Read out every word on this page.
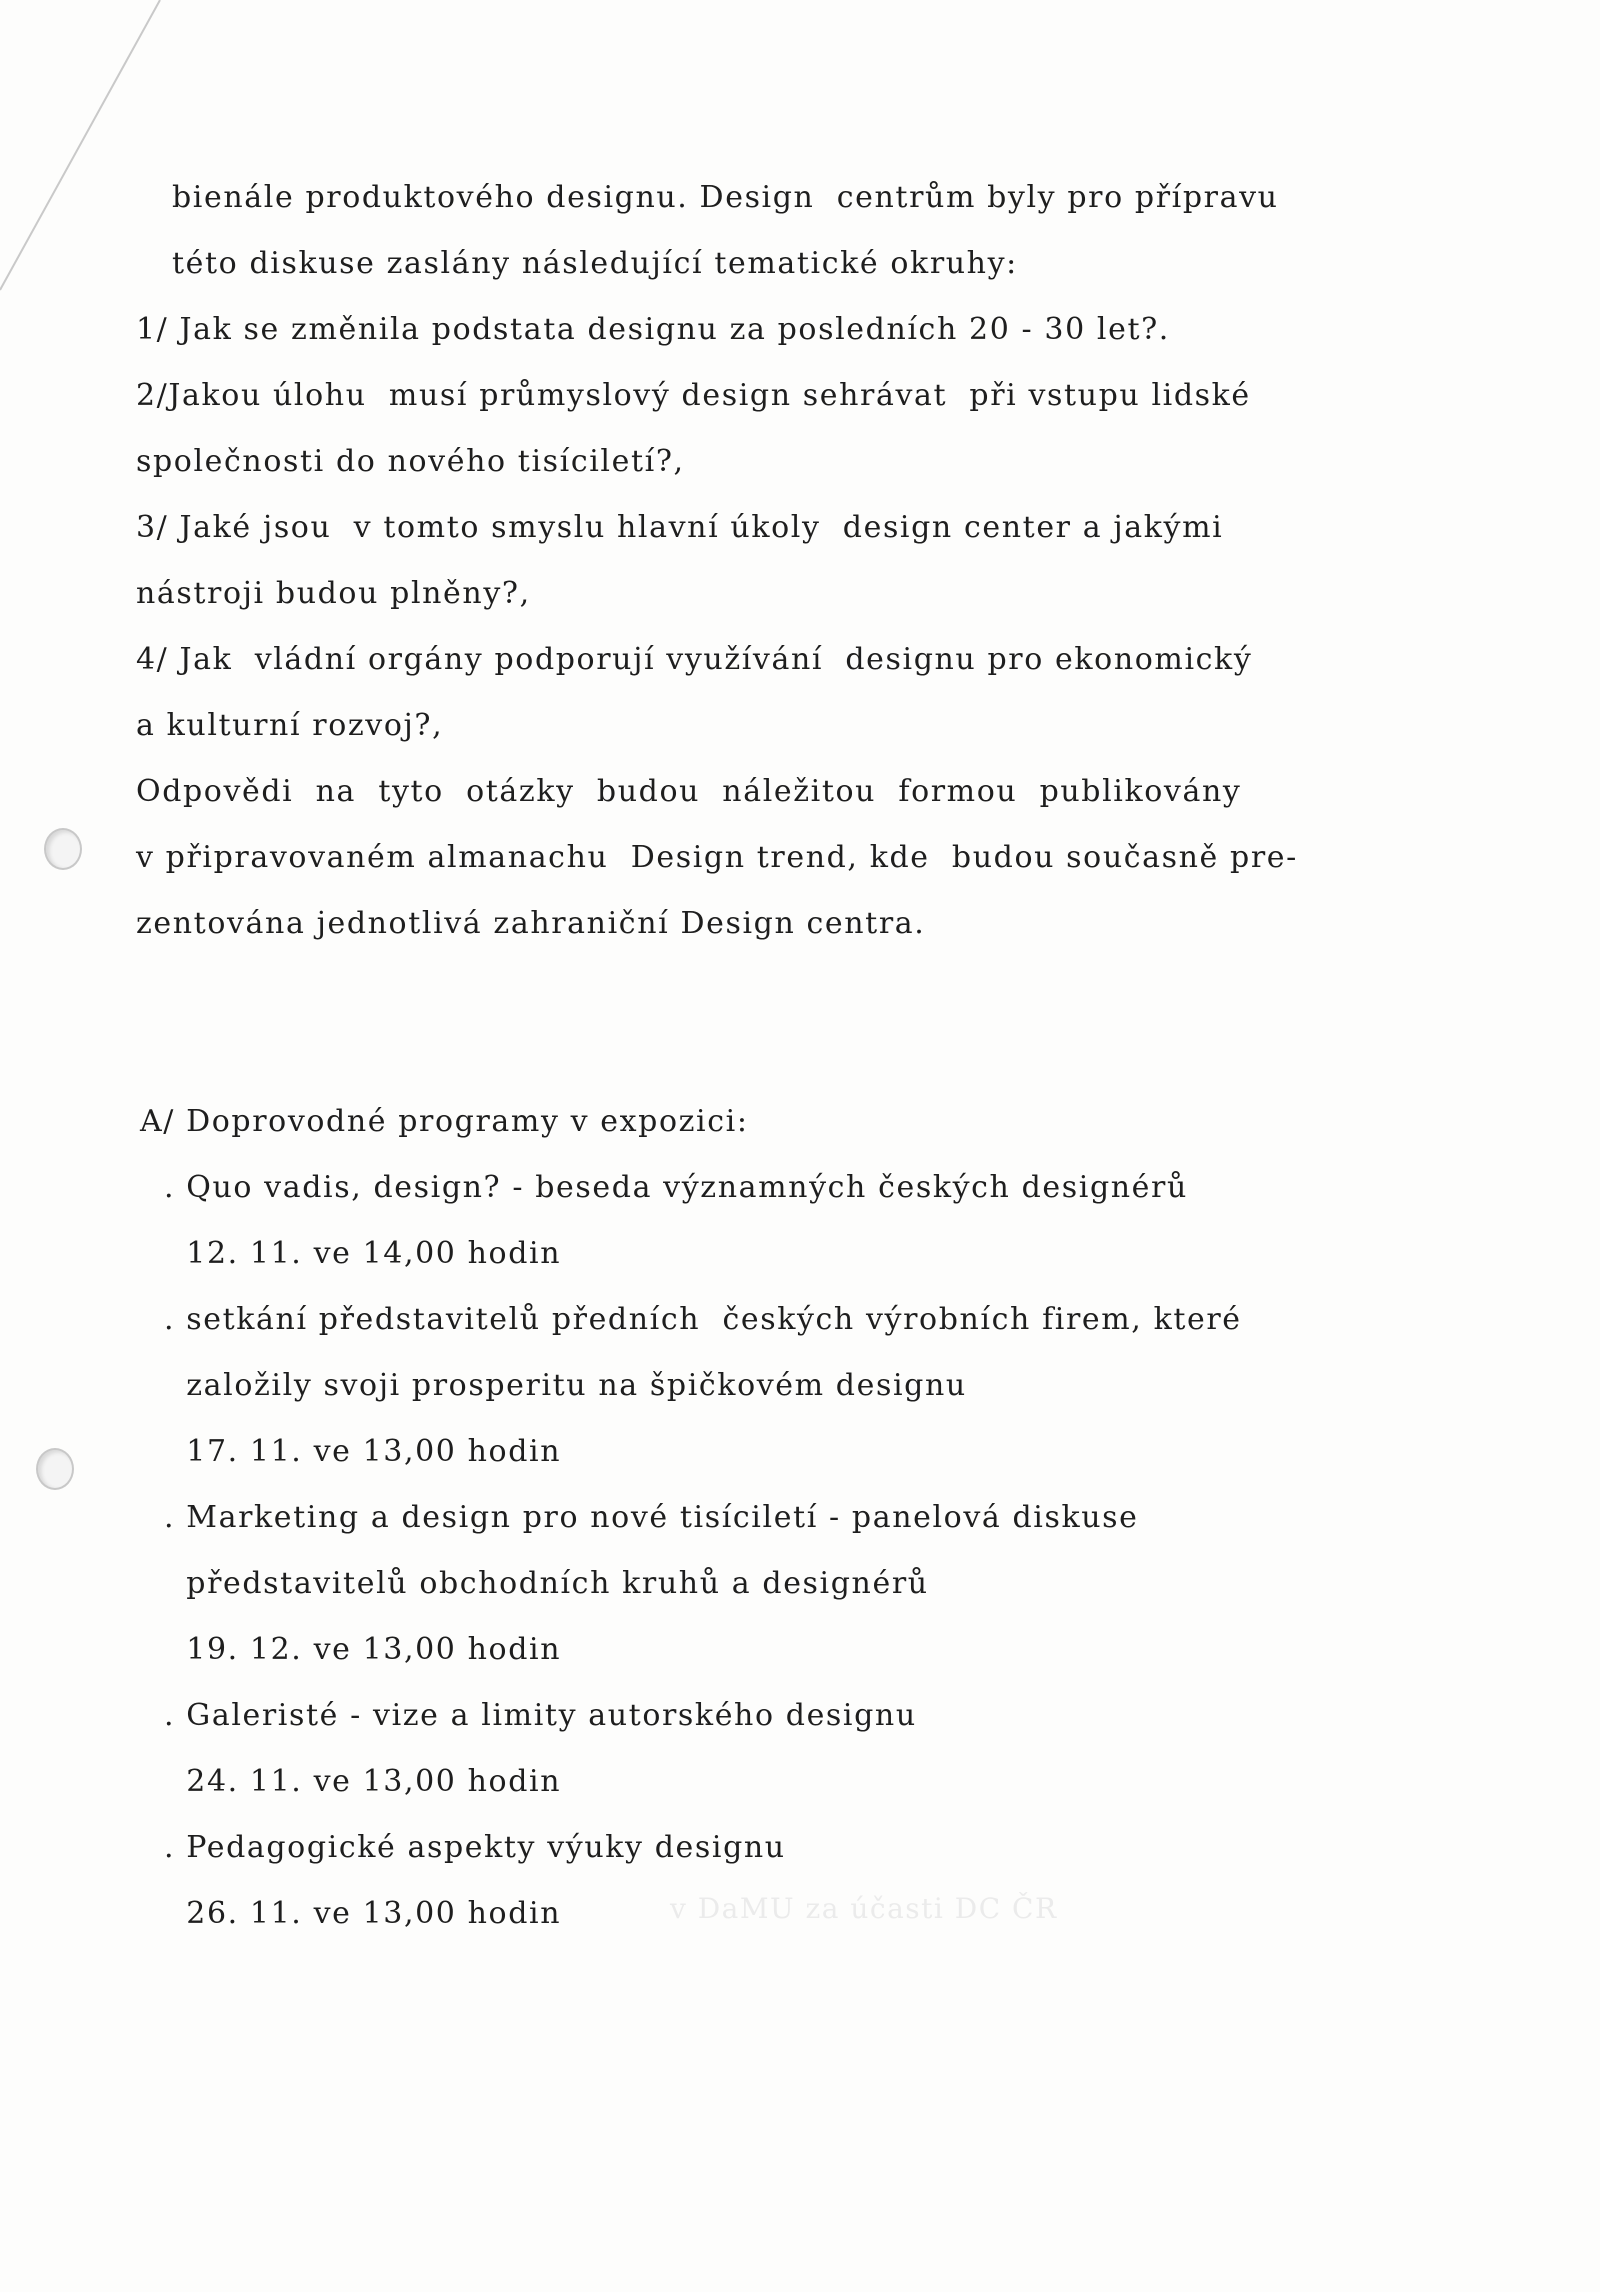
v DaMU za účasti DC ČR
bienále produktového designu. Design  centrům byly pro přípravu
této diskuse zaslány následující tematické okruhy:
1/ Jak se změnila podstata designu za posledních 20 - 30 let?.
2/Jakou úlohu  musí průmyslový design sehrávat  při vstupu lidské
společnosti do nového tisíciletí?,
3/ Jaké jsou  v tomto smyslu hlavní úkoly  design center a jakými
nástroji budou plněny?,
4/ Jak  vládní orgány podporují využívání  designu pro ekonomický
a kulturní rozvoj?,
Odpovědi  na  tyto  otázky  budou  náležitou  formou  publikovány
v připravovaném almanachu  Design trend, kde  budou současně pre-
zentována jednotlivá zahraniční Design centra.
A/ Doprovodné programy v expozici:
. Quo vadis, design? - beseda významných českých designérů
12. 11. ve 14,00 hodin
. setkání představitelů předních  českých výrobních firem, které
založily svoji prosperitu na špičkovém designu
17. 11. ve 13,00 hodin
. Marketing a design pro nové tisíciletí - panelová diskuse
představitelů obchodních kruhů a designérů
19. 12. ve 13,00 hodin
. Galeristé - vize a limity autorského designu
24. 11. ve 13,00 hodin
. Pedagogické aspekty výuky designu
26. 11. ve 13,00 hodin
